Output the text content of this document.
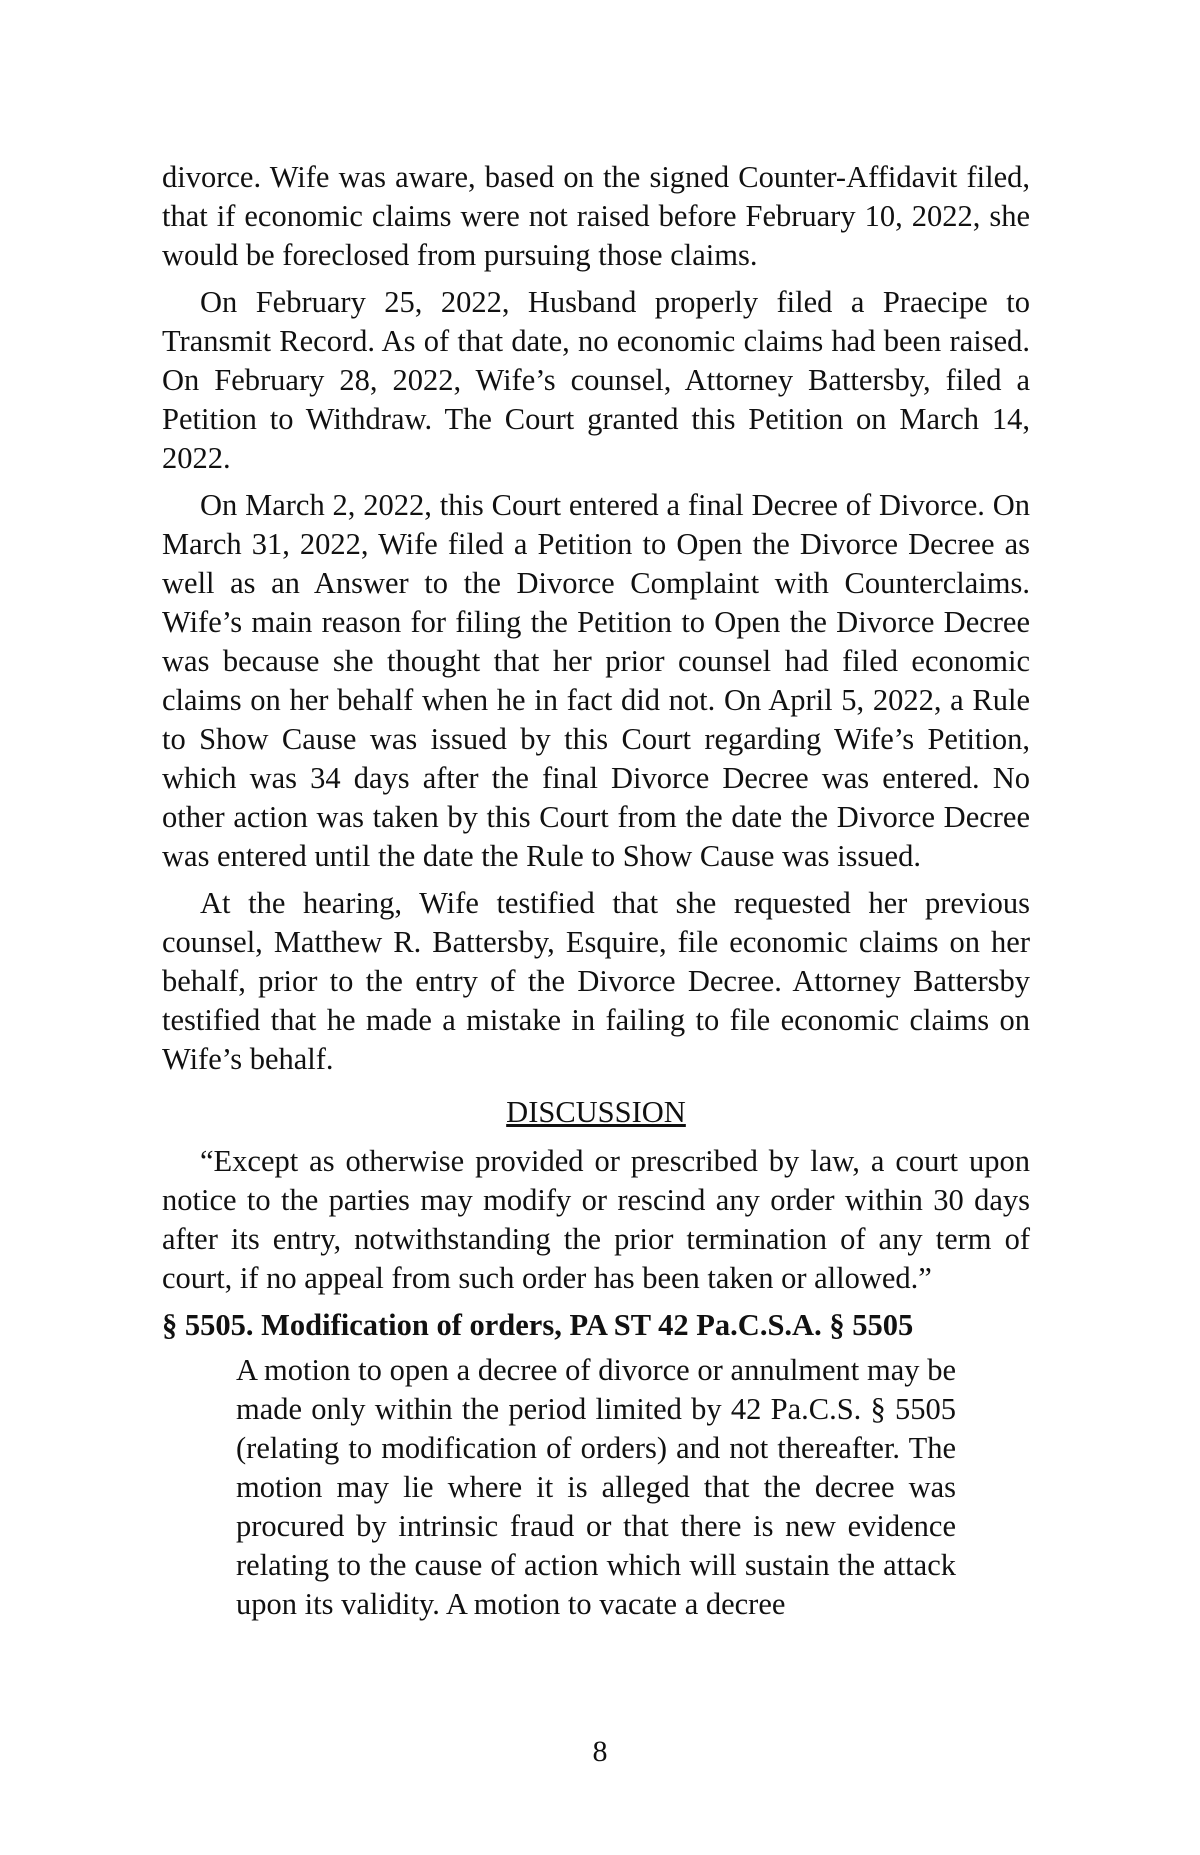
divorce. Wife was aware, based on the signed Counter-Affidavit filed, that if economic claims were not raised before February 10, 2022, she would be foreclosed from pursuing those claims.

On February 25, 2022, Husband properly filed a Praecipe to Transmit Record. As of that date, no economic claims had been raised. On February 28, 2022, Wife’s counsel, Attorney Battersby, filed a Petition to Withdraw. The Court granted this Petition on March 14, 2022.

On March 2, 2022, this Court entered a final Decree of Divorce. On March 31, 2022, Wife filed a Petition to Open the Divorce Decree as well as an Answer to the Divorce Complaint with Counterclaims. Wife’s main reason for filing the Petition to Open the Divorce Decree was because she thought that her prior counsel had filed economic claims on her behalf when he in fact did not. On April 5, 2022, a Rule to Show Cause was issued by this Court regarding Wife’s Petition, which was 34 days after the final Divorce Decree was entered. No other action was taken by this Court from the date the Divorce Decree was entered until the date the Rule to Show Cause was issued.

At the hearing, Wife testified that she requested her previous counsel, Matthew R. Battersby, Esquire, file economic claims on her behalf, prior to the entry of the Divorce Decree. Attorney Battersby testified that he made a mistake in failing to file economic claims on Wife’s behalf.

DISCUSSION

“Except as otherwise provided or prescribed by law, a court upon notice to the parties may modify or rescind any order within 30 days after its entry, notwithstanding the prior termination of any term of court, if no appeal from such order has been taken or allowed.”

§ 5505. Modification of orders, PA ST 42 Pa.C.S.A. § 5505

A motion to open a decree of divorce or annulment may be made only within the period limited by 42 Pa.C.S. § 5505 (relating to modification of orders) and not thereafter. The motion may lie where it is alleged that the decree was procured by intrinsic fraud or that there is new evidence relating to the cause of action which will sustain the attack upon its validity. A motion to vacate a decree

8
